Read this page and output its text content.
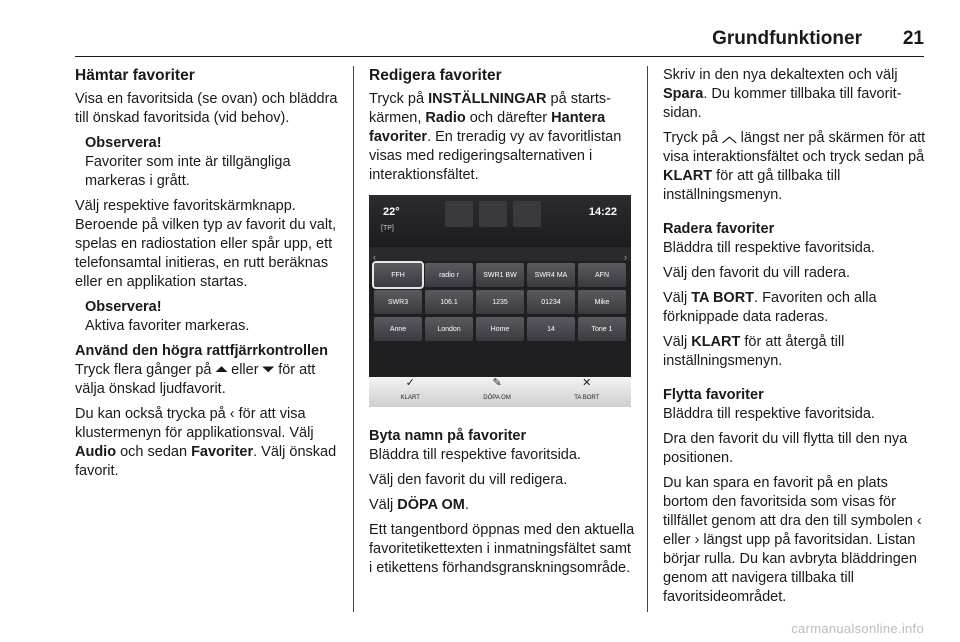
Grundfunktioner 21
Hämtar favoriter

Visa en favoritsida (se ovan) och bläddra till önskad favoritsida (vid behov).

Observera!
Favoriter som inte är tillgängliga markeras i grått.

Välj respektive favoritskärmknapp. Beroende på vilken typ av favorit du valt, spelas en radiostation eller spår upp, ett telefonsamtal initieras, en rutt beräknas eller en applikation startas.

Observera!
Aktiva favoriter markeras.
Använd den högra rattfjärrkontrollen

Tryck flera gånger på ⏶ eller ⏷ för att välja önskad ljudfavorit.

Du kan också trycka på ‹ för att visa klustermenyn för applikationsval. Välj Audio och sedan Favoriter. Välj önskad favorit.

Redigera favoriter

Tryck på INSTÄLLNINGAR på startskärmen, Radio och därefter Hantera favoriter. En treradig vy av favoritlistan visas med redigeringsalternativen i interaktionsfältet.

22°
[TP]
14:22
‹	›
FFH	radio r	SWR1 BW	SWR4 MA	AFN
SWR3	106.1	1235	01234	Mike
Anne	London	Home	14	Tone 1
✓
KLART
✎
DÖPA OM
✕
TA BORT
Byta namn på favoriter

Bläddra till respektive favoritsida.

Välj den favorit du vill redigera.

Välj DÖPA OM.

Ett tangentbord öppnas med den aktuella favoritetikettexten i inmatningsfältet samt i etikettens förhandsgranskningsområde.

Skriv in den nya dekaltexten och välj Spara. Du kommer tillbaka till favoritsidan.

Tryck på ︿ längst ner på skärmen för att visa interaktionsfältet och tryck sedan på KLART för att gå tillbaka till inställningsmenyn.

Radera favoriter

Bläddra till respektive favoritsida.

Välj den favorit du vill radera.

Välj TA BORT. Favoriten och alla förknippade data raderas.

Välj KLART för att återgå till inställningsmenyn.

Flytta favoriter

Bläddra till respektive favoritsida.

Dra den favorit du vill flytta till den nya positionen.

Du kan spara en favorit på en plats bortom den favoritsida som visas för tillfället genom att dra den till symbolen ‹ eller › längst upp på favoritsidan. Listan börjar rulla. Du kan avbryta bläddringen genom att navigera tillbaka till favoritsideområdet.

carmanualsonline.info
